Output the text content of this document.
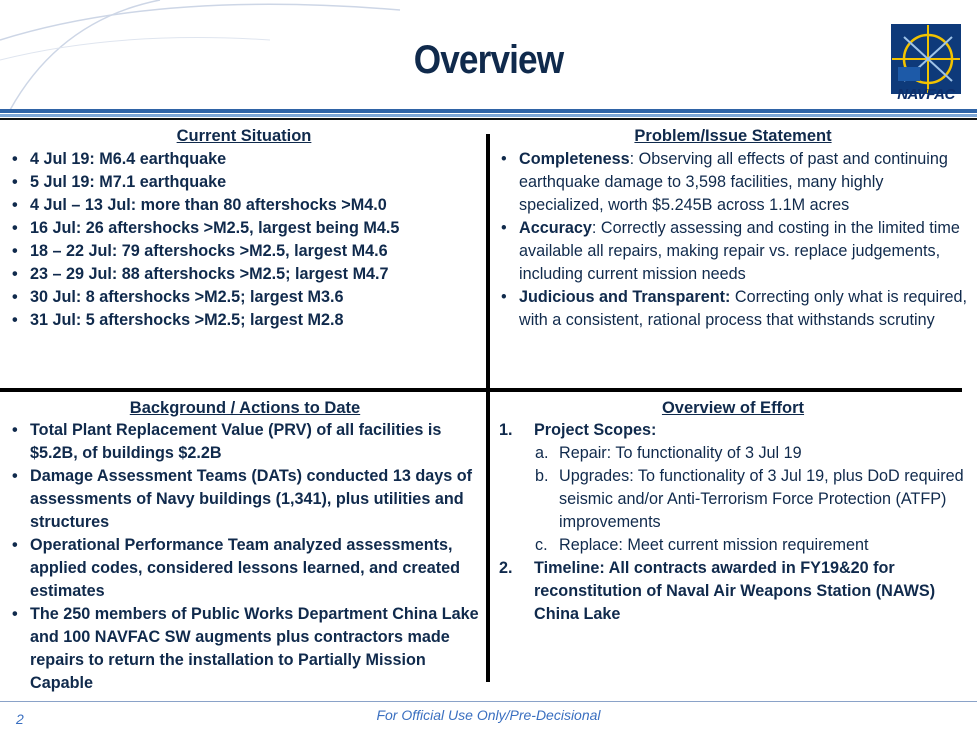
Overview
NAVFAC
Current Situation
• 4 Jul 19: M6.4 earthquake
• 5 Jul 19: M7.1 earthquake
• 4 Jul – 13 Jul: more than 80 aftershocks >M4.0
• 16 Jul: 26 aftershocks >M2.5, largest being M4.5
• 18 – 22 Jul: 79 aftershocks >M2.5, largest M4.6
• 23 – 29 Jul: 88 aftershocks >M2.5; largest M4.7
• 30 Jul: 8 aftershocks >M2.5; largest M3.6
• 31 Jul: 5 aftershocks >M2.5; largest M2.8
Problem/Issue Statement
• Completeness: Observing all effects of past and continuing earthquake damage to 3,598 facilities, many highly specialized, worth $5.245B across 1.1M acres
• Accuracy: Correctly assessing and costing in the limited time available all repairs, making repair vs. replace judgements, including current mission needs
• Judicious and Transparent: Correcting only what is required, with a consistent, rational process that withstands scrutiny
Background / Actions to Date
• Total Plant Replacement Value (PRV) of all facilities is $5.2B, of buildings $2.2B
• Damage Assessment Teams (DATs) conducted 13 days of assessments of Navy buildings (1,341), plus utilities and structures
• Operational Performance Team analyzed assessments, applied codes, considered lessons learned, and created estimates
• The 250 members of Public Works Department China Lake and 100 NAVFAC SW augments plus contractors made repairs to return the installation to Partially Mission Capable
Overview of Effort
1. Project Scopes:
a. Repair: To functionality of 3 Jul 19
b. Upgrades: To functionality of 3 Jul 19, plus DoD required seismic and/or Anti-Terrorism Force Protection (ATFP) improvements
c. Replace: Meet current mission requirement
2. Timeline: All contracts awarded in FY19&20 for reconstitution of Naval Air Weapons Station (NAWS) China Lake
2	For Official Use Only/Pre-Decisional
